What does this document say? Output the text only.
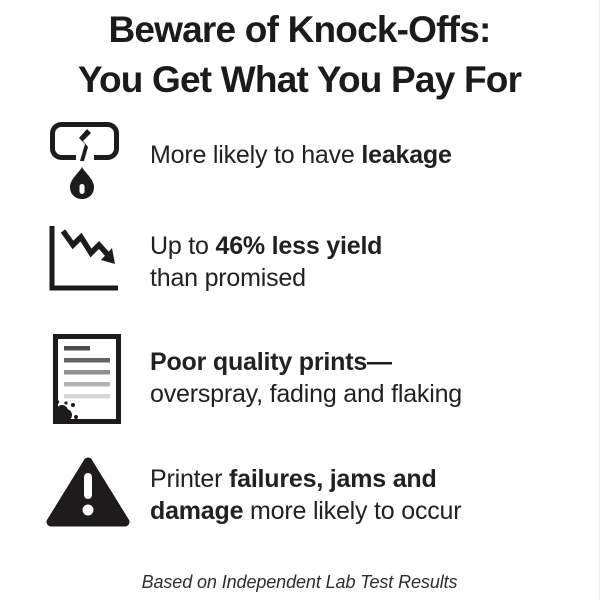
Beware of Knock-Offs:
You Get What You Pay For
More likely to have leakage
Up to 46% less yield
than promised
Poor quality prints—
overspray, fading and flaking
Printer failures, jams and
damage more likely to occur
Based on Independent Lab Test Results
